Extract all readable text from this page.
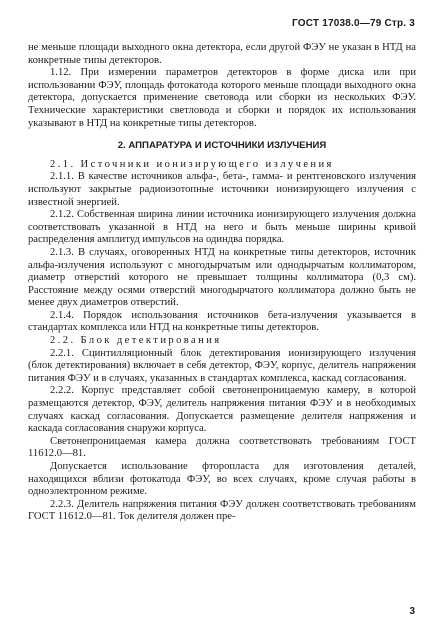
ГОСТ 17038.0—79 Стр. 3

не меньше площади выходного окна детектора, если другой ФЭУ не указан в НТД на конкретные типы детекторов.

1.12. При измерении параметров детекторов в форме диска или при использовании ФЭУ, площадь фотокатода которого меньше площади выходного окна детектора, допускается применение световода или сборки из нескольких ФЭУ. Технические характеристики светловода и сборки и порядок их использования указывают в НТД на конкретные типы детекторов.

2. АППАРАТУРА И ИСТОЧНИКИ ИЗЛУЧЕНИЯ

2.1. Источники ионизирующего излучения

2.1.1. В качестве источников альфа-, бета-, гамма- и рентгеновского излучения используют закрытые радиоизотопные источники ионизирующего излучения с известной энергией.

2.1.2. Собственная ширина линии источника ионизирующего излучения должна соответствовать указанной в НТД на него и быть меньше ширины кривой распределения амплитуд импульсов на одиндва порядка.

2.1.3. В случаях, оговоренных НТД на конкретные типы детекторов, источник альфа-излучения используют с многодырчатым или однодырчатым коллиматором, диаметр отверстий которого не превышает толщины коллиматора (0,3 см). Расстояние между осями отверстий многодырчатого коллиматора должно быть не менее двух диаметров отверстий.

2.1.4. Порядок использования источников бета-излучения указывается в стандартах комплекса или НТД на конкретные типы детекторов.

2.2. Блок детектирования

2.2.1. Сцинтилляционный блок детектирования ионизирующего излучения (блок детектирования) включает в себя детектор, ФЭУ, корпус, делитель напряжения питания ФЭУ и в случаях, указанных в стандартах комплекса, каскад согласования.

2.2.2. Корпус представляет собой светонепроницаемую камеру, в которой размещаются детектор, ФЭУ, делитель напряжения питания ФЭУ и в необходимых случаях каскад согласования. Допускается размещение делителя напряжения и каскада согласования снаружи корпуса.

Светонепроницаемая камера должна соответствовать требованиям ГОСТ 11612.0—81.

Допускается использование фторопласта для изготовления деталей, находящихся вблизи фотокатода ФЭУ, во всех случаях, кроме случая работы в одноэлектронном режиме.

2.2.3. Делитель напряжения питания ФЭУ должен соответствовать требованиям ГОСТ 11612.0—81. Ток делителя должен пре-

3
